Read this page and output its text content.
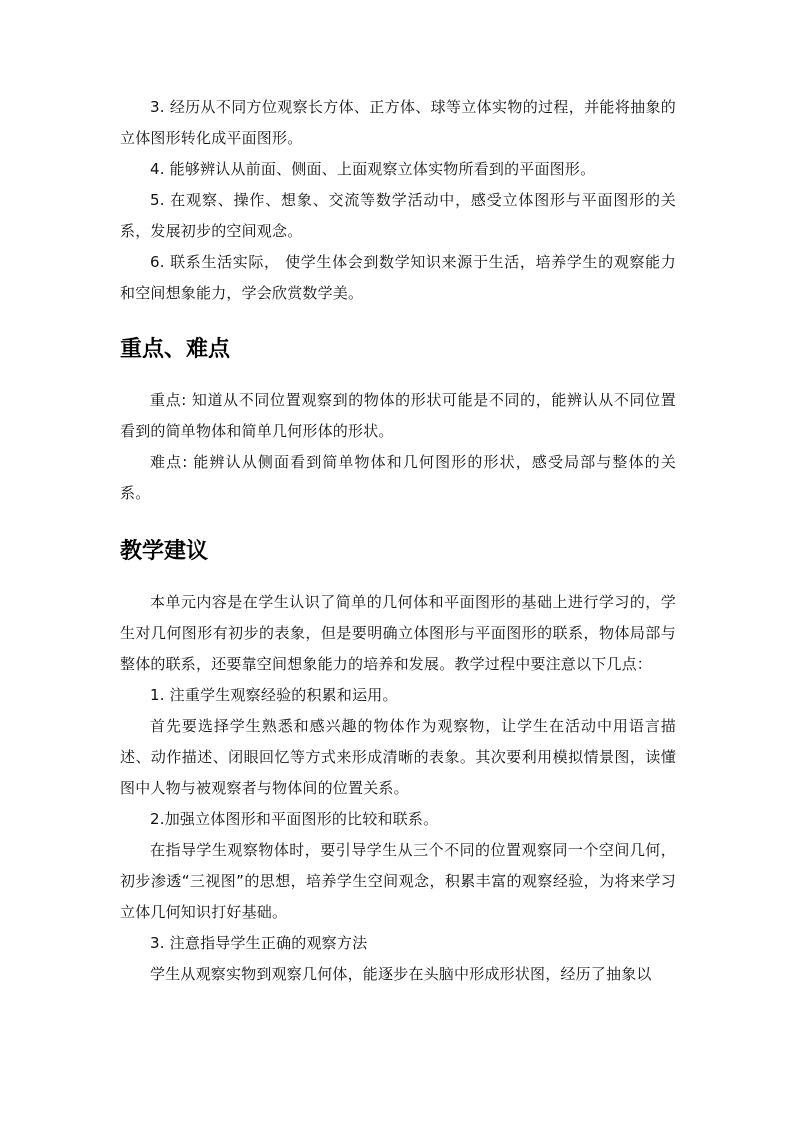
3. 经历从不同方位观察长方体、正方体、球等立体实物的过程，并能将抽象的立体图形转化成平面图形。

4. 能够辨认从前面、侧面、上面观察立体实物所看到的平面图形。

5. 在观察、操作、想象、交流等数学活动中，感受立体图形与平面图形的关系，发展初步的空间观念。

6. 联系生活实际， 使学生体会到数学知识来源于生活，培养学生的观察能力和空间想象能力，学会欣赏数学美。

重点、难点

重点: 知道从不同位置观察到的物体的形状可能是不同的，能辨认从不同位置看到的简单物体和简单几何形体的形状。

难点: 能辨认从侧面看到简单物体和几何图形的形状，感受局部与整体的关系。

教学建议

本单元内容是在学生认识了简单的几何体和平面图形的基础上进行学习的，学生对几何图形有初步的表象，但是要明确立体图形与平面图形的联系，物体局部与整体的联系，还要靠空间想象能力的培养和发展。教学过程中要注意以下几点：

1. 注重学生观察经验的积累和运用。

首先要选择学生熟悉和感兴趣的物体作为观察物，让学生在活动中用语言描述、动作描述、闭眼回忆等方式来形成清晰的表象。其次要利用模拟情景图，读懂图中人物与被观察者与物体间的位置关系。

2.加强立体图形和平面图形的比较和联系。

在指导学生观察物体时，要引导学生从三个不同的位置观察同一个空间几何，初步渗透“三视图”的思想，培养学生空间观念，积累丰富的观察经验，为将来学习立体几何知识打好基础。

3. 注意指导学生正确的观察方法

学生从观察实物到观察几何体，能逐步在头脑中形成形状图，经历了抽象以
